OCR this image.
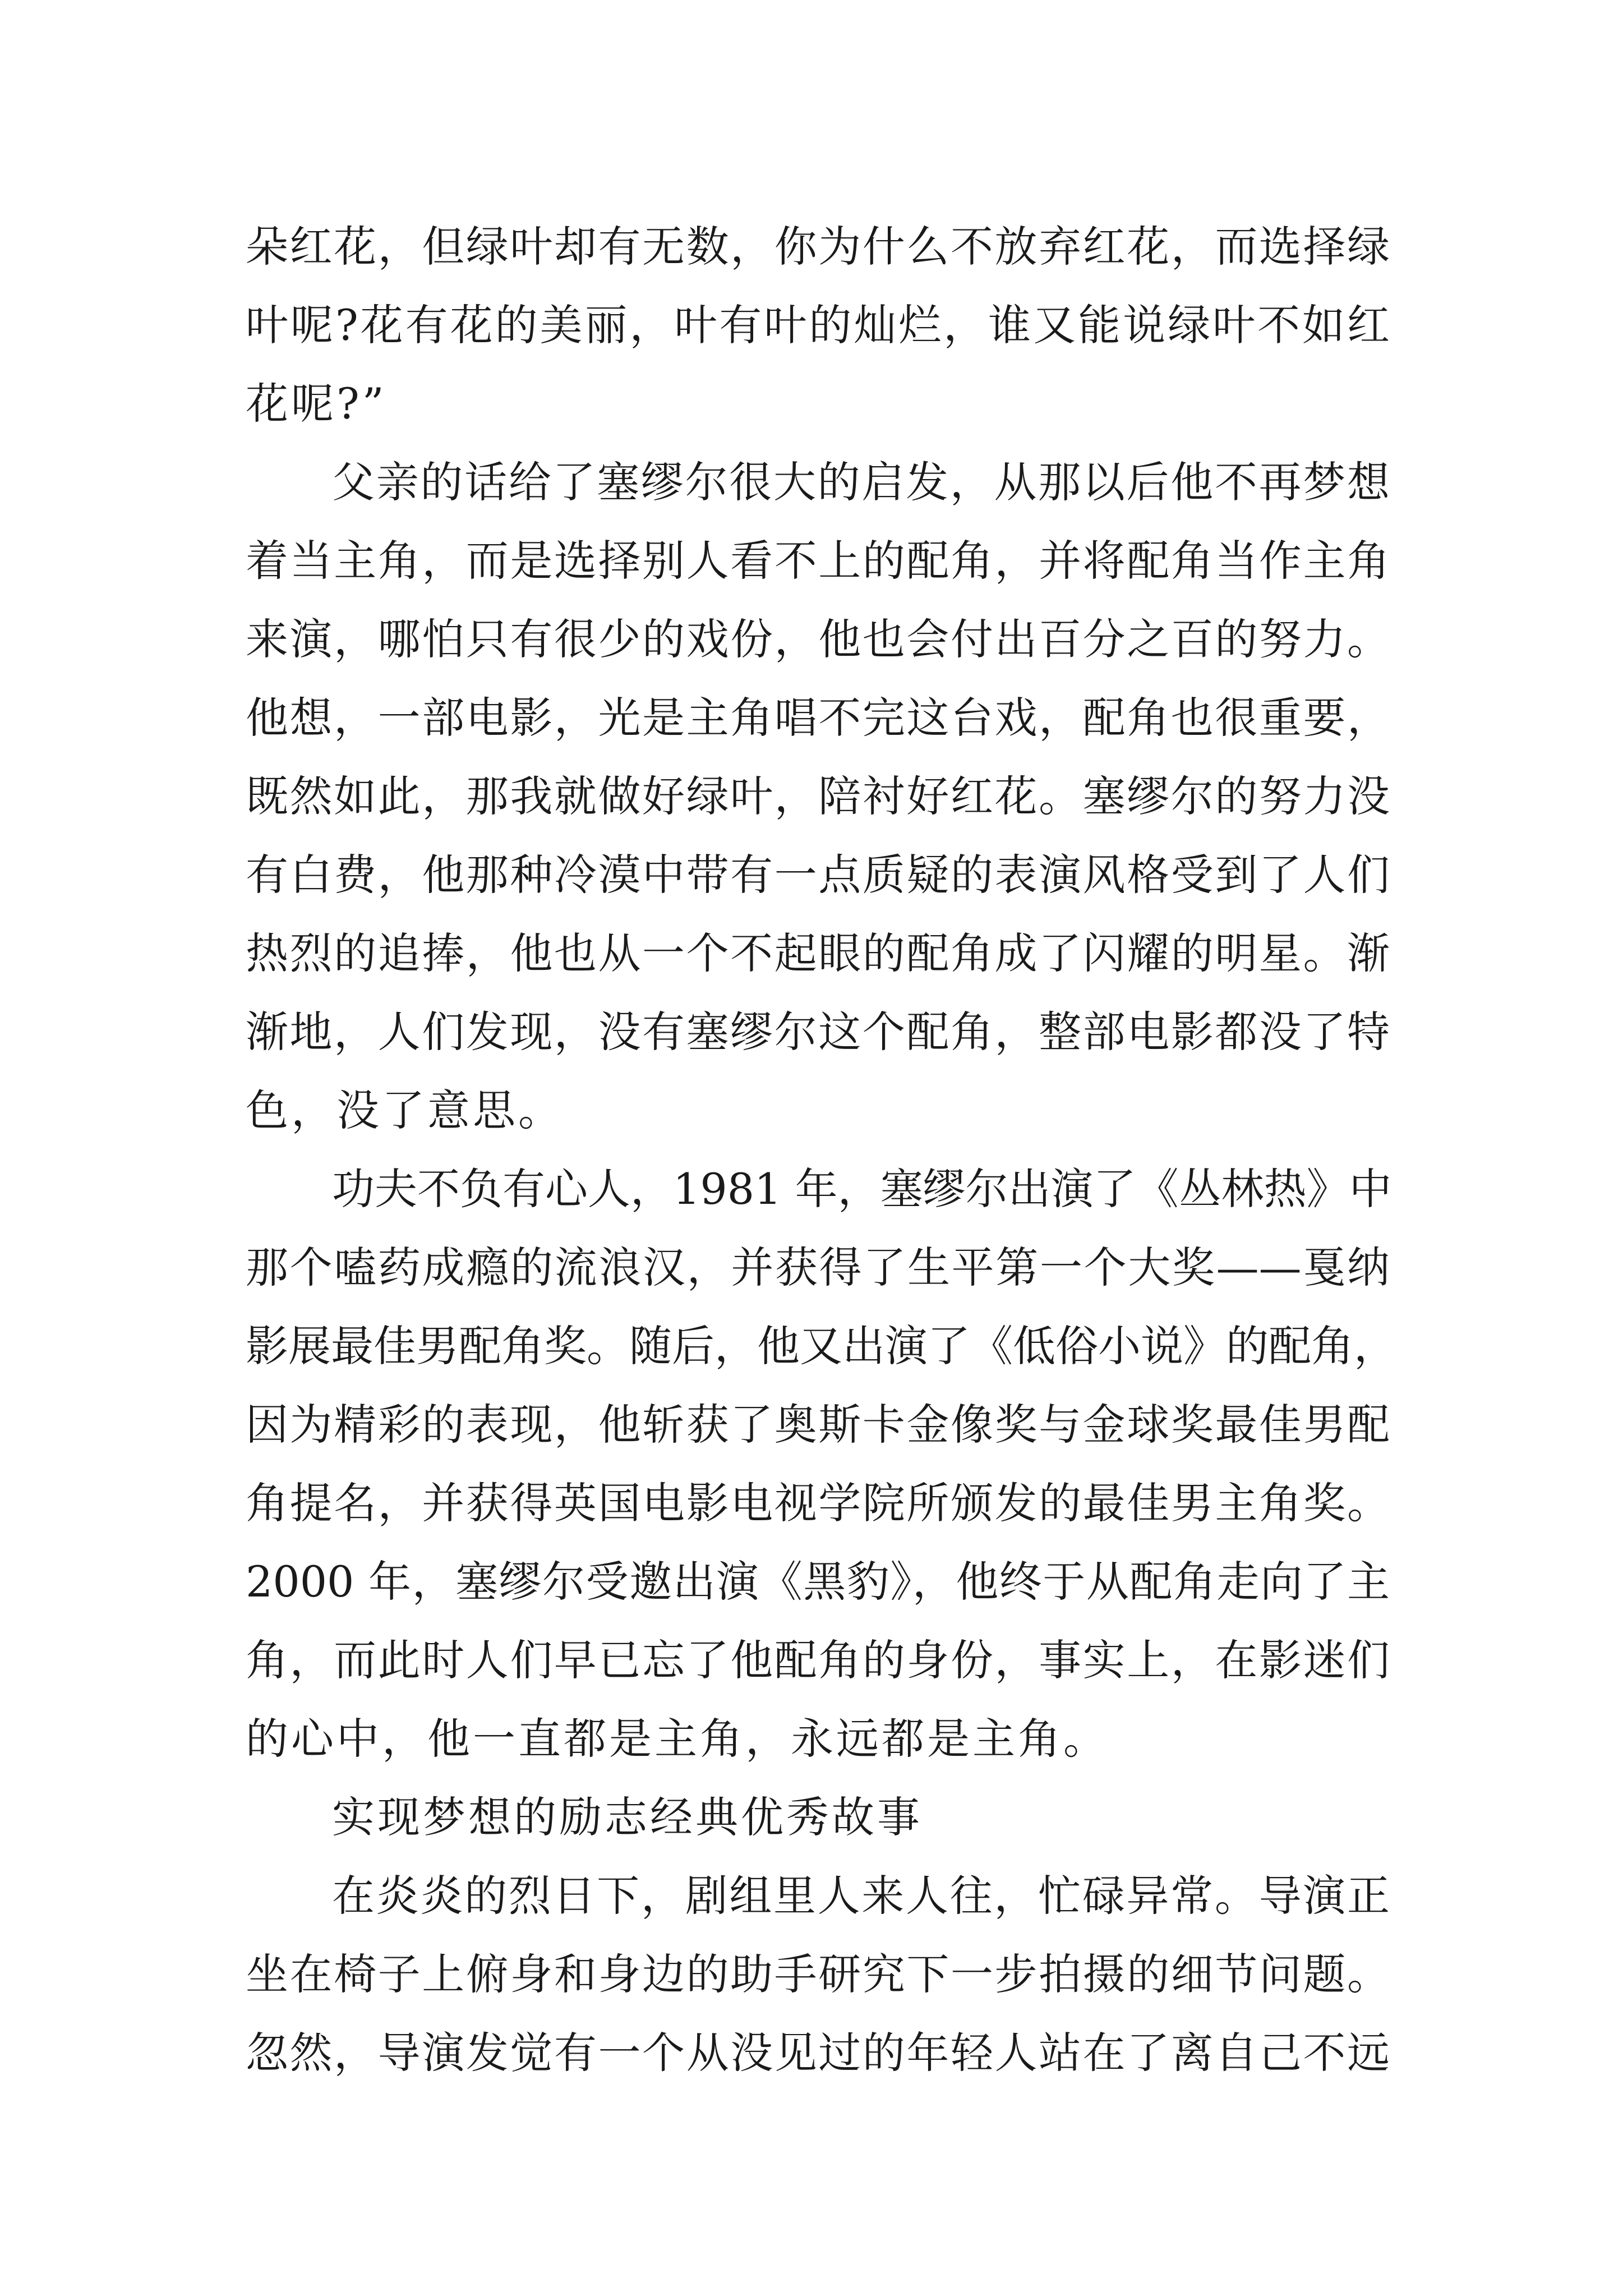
朵红花，但绿叶却有无数，你为什么不放弃红花，而选择绿
叶呢?花有花的美丽，叶有叶的灿烂，谁又能说绿叶不如红
花呢?”
父亲的话给了塞缪尔很大的启发，从那以后他不再梦想
着当主角，而是选择别人看不上的配角，并将配角当作主角
来演，哪怕只有很少的戏份，他也会付出百分之百的努力。
他想，一部电影，光是主角唱不完这台戏，配角也很重要，
既然如此，那我就做好绿叶，陪衬好红花。塞缪尔的努力没
有白费，他那种冷漠中带有一点质疑的表演风格受到了人们
热烈的追捧，他也从一个不起眼的配角成了闪耀的明星。渐
渐地，人们发现，没有塞缪尔这个配角，整部电影都没了特
色，没了意思。
功夫不负有心人，1981 年，塞缪尔出演了《丛林热》中
那个嗑药成瘾的流浪汉，并获得了生平第一个大奖——戛纳
影展最佳男配角奖。随后，他又出演了《低俗小说》的配角，
因为精彩的表现，他斩获了奥斯卡金像奖与金球奖最佳男配
角提名，并获得英国电影电视学院所颁发的最佳男主角奖。
2000 年，塞缪尔受邀出演《黑豹》，他终于从配角走向了主
角，而此时人们早已忘了他配角的身份，事实上，在影迷们
的心中，他一直都是主角，永远都是主角。
实现梦想的励志经典优秀故事
在炎炎的烈日下，剧组里人来人往，忙碌异常。导演正
坐在椅子上俯身和身边的助手研究下一步拍摄的细节问题。
忽然，导演发觉有一个从没见过的年轻人站在了离自己不远
